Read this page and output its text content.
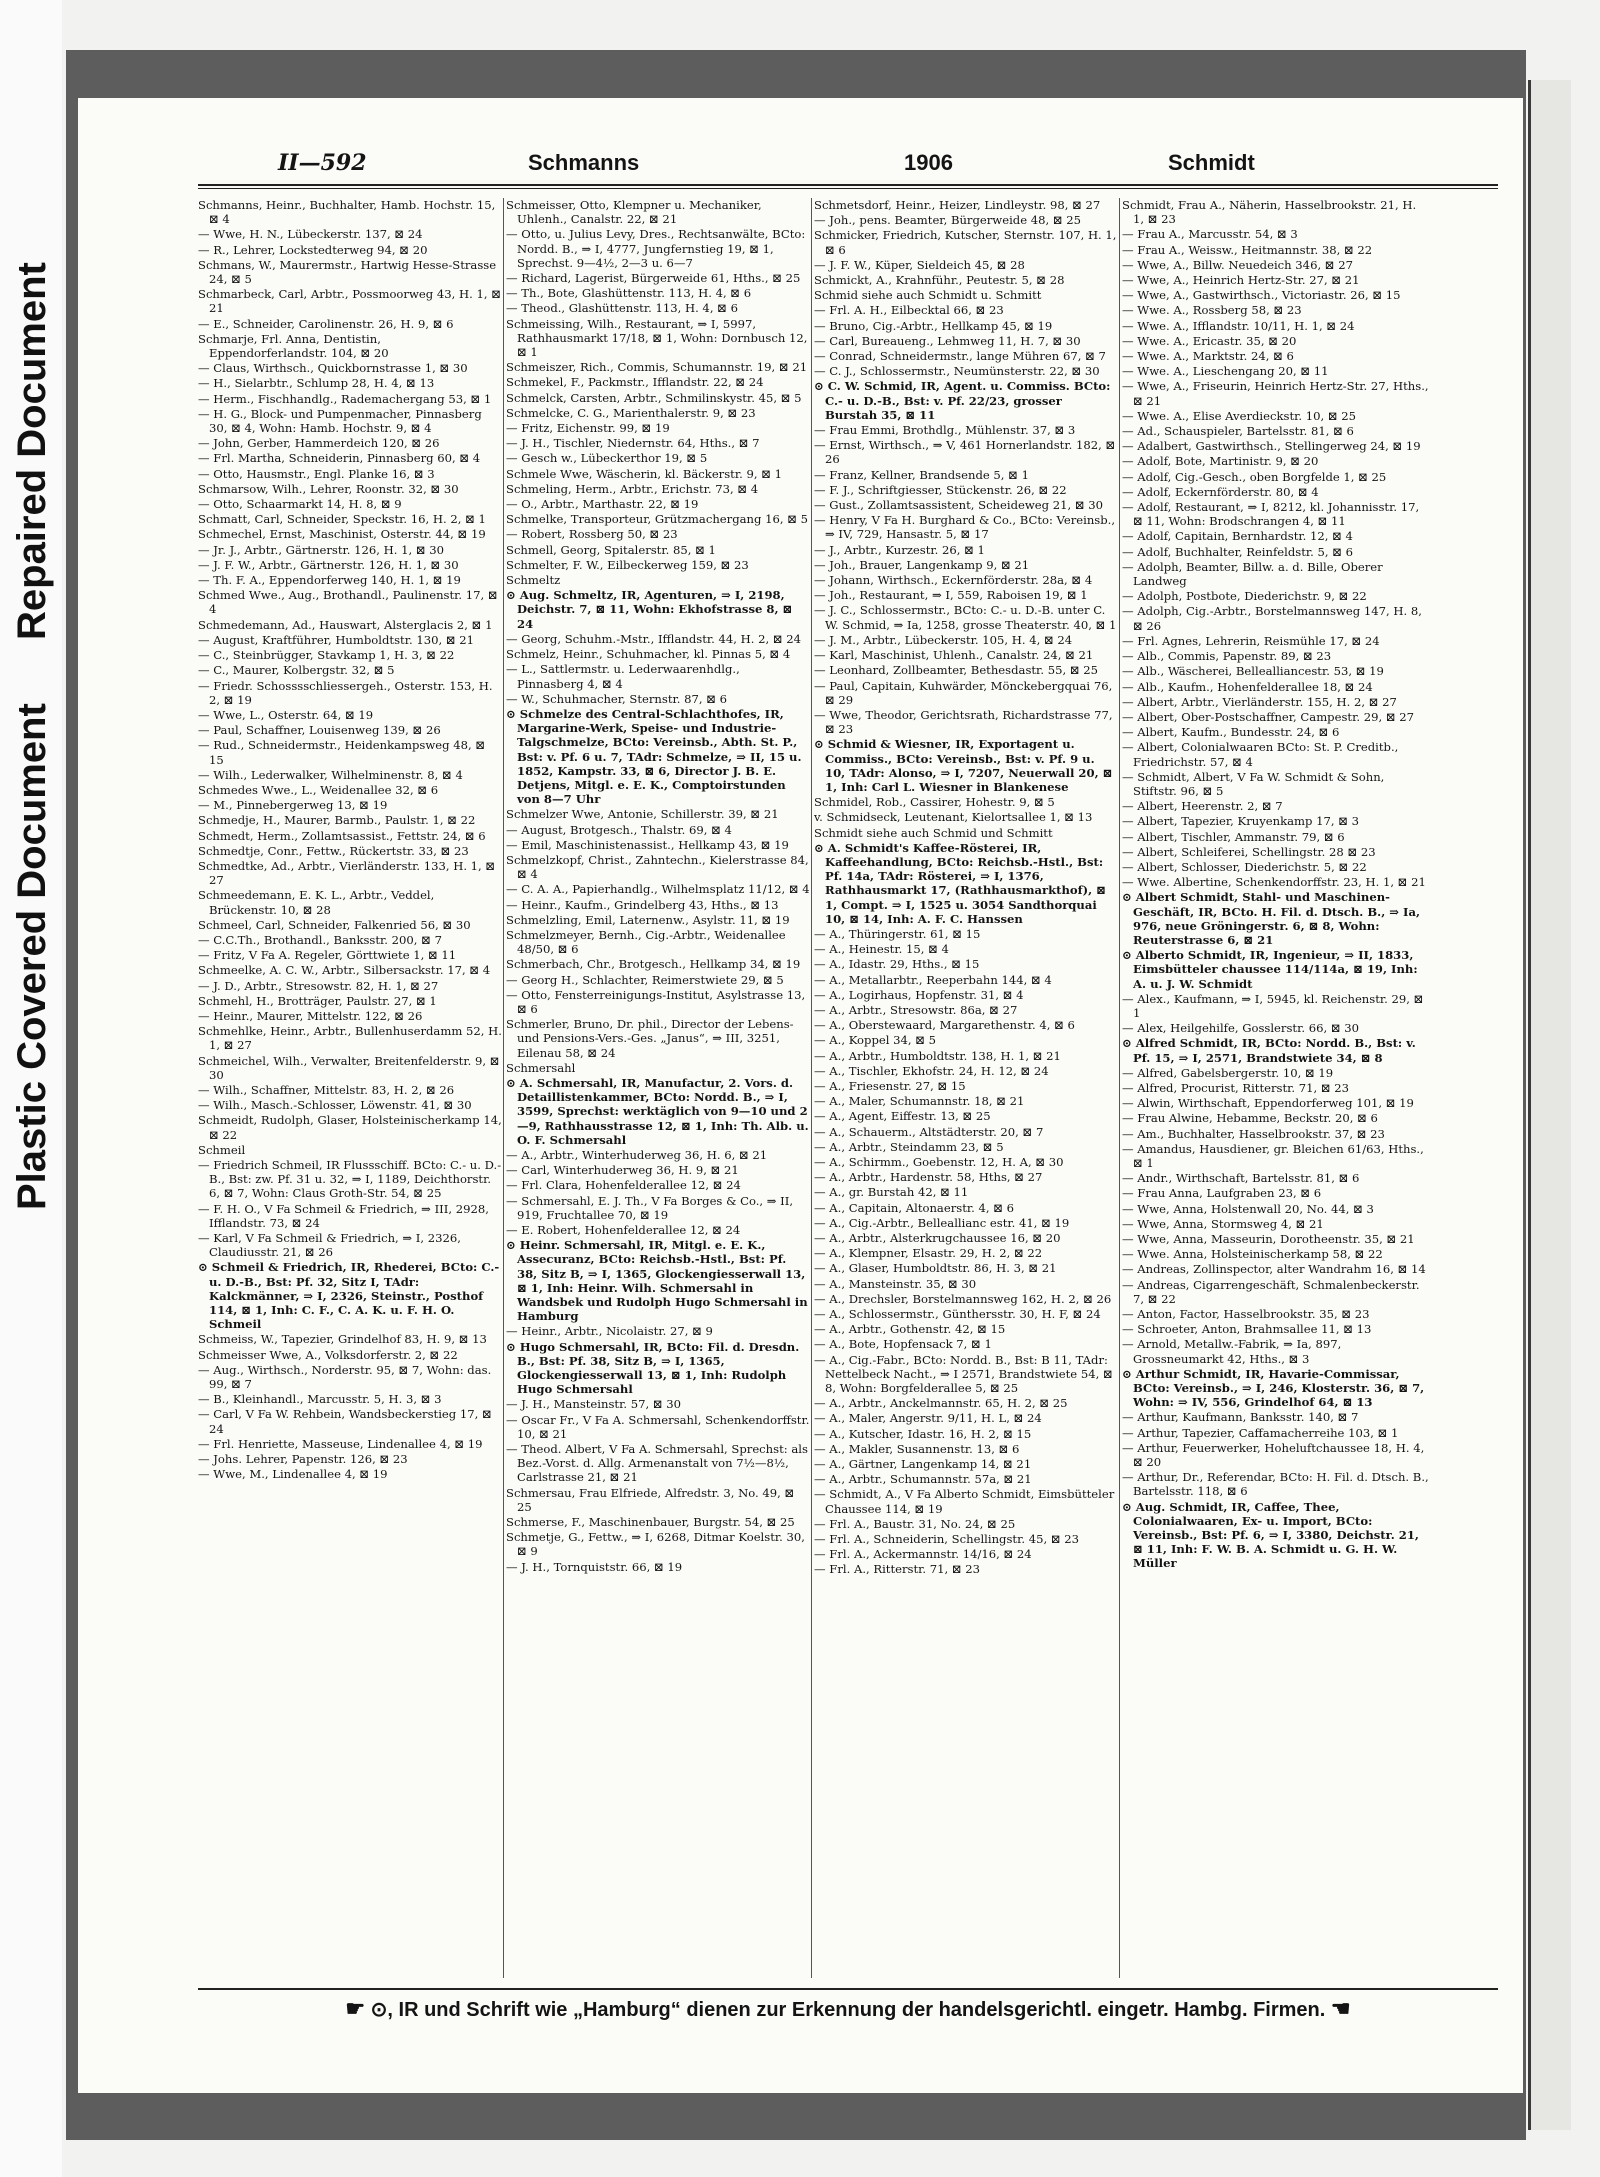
Repaired Document
Plastic Covered Document
II—592	Schmanns	1906	Schmidt
Schmanns, Heinr., Buchhalter, Hamb. Hochstr. 15, ⊠ 4
— Wwe, H. N., Lübeckerstr. 137, ⊠ 24
— R., Lehrer, Lockstedterweg 94, ⊠ 20
Schmans, W., Maurermstr., Hartwig Hesse-Strasse 24, ⊠ 5
Schmarbeck, Carl, Arbtr., Possmoorweg 43, H. 1, ⊠ 21
— E., Schneider, Carolinenstr. 26, H. 9, ⊠ 6
Schmarje, Frl. Anna, Dentistin, Eppendorferlandstr. 104, ⊠ 20
— Claus, Wirthsch., Quickbornstrasse 1, ⊠ 30
— H., Sielarbtr., Schlump 28, H. 4, ⊠ 13
— Herm., Fischhandlg., Rademachergang 53, ⊠ 1
— H. G., Block- und Pumpenmacher, Pinnasberg 30, ⊠ 4, Wohn: Hamb. Hochstr. 9, ⊠ 4
— John, Gerber, Hammerdeich 120, ⊠ 26
— Frl. Martha, Schneiderin, Pinnasberg 60, ⊠ 4
— Otto, Hausmstr., Engl. Planke 16, ⊠ 3
Schmarsow, Wilh., Lehrer, Roonstr. 32, ⊠ 30
— Otto, Schaarmarkt 14, H. 8, ⊠ 9
Schmatt, Carl, Schneider, Speckstr. 16, H. 2, ⊠ 1
Schmechel, Ernst, Maschinist, Osterstr. 44, ⊠ 19
— Jr. J., Arbtr., Gärtnerstr. 126, H. 1, ⊠ 30
— J. F. W., Arbtr., Gärtnerstr. 126, H. 1, ⊠ 30
— Th. F. A., Eppendorferweg 140, H. 1, ⊠ 19
Schmed Wwe., Aug., Brothandl., Paulinenstr. 17, ⊠ 4
Schmedemann, Ad., Hauswart, Alsterglacis 2, ⊠ 1
— August, Kraftführer, Humboldtstr. 130, ⊠ 21
— C., Steinbrügger, Stavkamp 1, H. 3, ⊠ 22
— C., Maurer, Kolbergstr. 32, ⊠ 5
— Friedr. Schosssschliessergeh., Osterstr. 153, H. 2, ⊠ 19
— Wwe, L., Osterstr. 64, ⊠ 19
— Paul, Schaffner, Louisenweg 139, ⊠ 26
— Rud., Schneidermstr., Heidenkampsweg 48, ⊠ 15
— Wilh., Lederwalker, Wilhelminenstr. 8, ⊠ 4
Schmedes Wwe., L., Weidenallee 32, ⊠ 6
— M., Pinnebergerweg 13, ⊠ 19
Schmedje, H., Maurer, Barmb., Paulstr. 1, ⊠ 22
Schmedt, Herm., Zollamtsassist., Fettstr. 24, ⊠ 6
Schmedtje, Conr., Fettw., Rückertstr. 33, ⊠ 23
Schmedtke, Ad., Arbtr., Vierländerstr. 133, H. 1, ⊠ 27
Schmeedemann, E. K. L., Arbtr., Veddel, Brückenstr. 10, ⊠ 28
Schmeel, Carl, Schneider, Falkenried 56, ⊠ 30
— C.C.Th., Brothandl., Banksstr. 200, ⊠ 7
— Fritz, V Fa A. Regeler, Görttwiete 1, ⊠ 11
Schmeelke, A. C. W., Arbtr., Silbersackstr. 17, ⊠ 4
— J. D., Arbtr., Stresowstr. 82, H. 1, ⊠ 27
Schmehl, H., Brotträger, Paulstr. 27, ⊠ 1
— Heinr., Maurer, Mittelstr. 122, ⊠ 26
Schmehlke, Heinr., Arbtr., Bullenhuserdamm 52, H. 1, ⊠ 27
Schmeichel, Wilh., Verwalter, Breitenfelderstr. 9, ⊠ 30
— Wilh., Schaffner, Mittelstr. 83, H. 2, ⊠ 26
— Wilh., Masch.-Schlosser, Löwenstr. 41, ⊠ 30
Schmeidt, Rudolph, Glaser, Holsteinischerkamp 14, ⊠ 22
Schmeil
— Friedrich Schmeil, IR Flussschiff. BCto: C.- u. D.-B., Bst: zw. Pf. 31 u. 32, ⇒ I, 1189, Deichthorstr. 6, ⊠ 7, Wohn: Claus Groth-Str. 54, ⊠ 25
— F. H. O., V Fa Schmeil & Friedrich, ⇒ III, 2928, Ifflandstr. 73, ⊠ 24
— Karl, V Fa Schmeil & Friedrich, ⇒ I, 2326, Claudiusstr. 21, ⊠ 26
⊙ Schmeil & Friedrich, IR, Rhederei, BCto: C.- u. D.-B., Bst: Pf. 32, Sitz I, TAdr: Kalckmänner, ⇒ I, 2326, Steinstr., Posthof 114, ⊠ 1, Inh: C. F., C. A. K. u. F. H. O. Schmeil
Schmeiss, W., Tapezier, Grindelhof 83, H. 9, ⊠ 13
Schmeisser Wwe, A., Volksdorferstr. 2, ⊠ 22
— Aug., Wirthsch., Norderstr. 95, ⊠ 7, Wohn: das. 99, ⊠ 7
— B., Kleinhandl., Marcusstr. 5, H. 3, ⊠ 3
— Carl, V Fa W. Rehbein, Wandsbeckerstieg 17, ⊠ 24
— Frl. Henriette, Masseuse, Lindenallee 4, ⊠ 19
— Johs. Lehrer, Papenstr. 126, ⊠ 23
— Wwe, M., Lindenallee 4, ⊠ 19
Schmeisser, Otto, Klempner u. Mechaniker, Uhlenh., Canalstr. 22, ⊠ 21
— Otto, u. Julius Levy, Dres., Rechtsanwälte, BCto: Nordd. B., ⇒ I, 4777, Jungfernstieg 19, ⊠ 1, Sprechst. 9—4½, 2—3 u. 6—7
— Richard, Lagerist, Bürgerweide 61, Hths., ⊠ 25
— Th., Bote, Glashüttenstr. 113, H. 4, ⊠ 6
— Theod., Glashüttenstr. 113, H. 4, ⊠ 6
Schmeissing, Wilh., Restaurant, ⇒ I, 5997, Rathhausmarkt 17/18, ⊠ 1, Wohn: Dornbusch 12, ⊠ 1
Schmeiszer, Rich., Commis, Schumannstr. 19, ⊠ 21
Schmekel, F., Packmstr., Ifflandstr. 22, ⊠ 24
Schmelck, Carsten, Arbtr., Schmilinskystr. 45, ⊠ 5
Schmelcke, C. G., Marienthalerstr. 9, ⊠ 23
— Fritz, Eichenstr. 99, ⊠ 19
— J. H., Tischler, Niedernstr. 64, Hths., ⊠ 7
— Gesch w., Lübeckerthor 19, ⊠ 5
Schmele Wwe, Wäscherin, kl. Bäckerstr. 9, ⊠ 1
Schmeling, Herm., Arbtr., Erichstr. 73, ⊠ 4
— O., Arbtr., Marthastr. 22, ⊠ 19
Schmelke, Transporteur, Grützmachergang 16, ⊠ 5
— Robert, Rossberg 50, ⊠ 23
Schmell, Georg, Spitalerstr. 85, ⊠ 1
Schmelter, F. W., Eilbeckerweg 159, ⊠ 23
Schmeltz
⊙ Aug. Schmeltz, IR, Agenturen, ⇒ I, 2198, Deichstr. 7, ⊠ 11, Wohn: Ekhofstrasse 8, ⊠ 24
— Georg, Schuhm.-Mstr., Ifflandstr. 44, H. 2, ⊠ 24
Schmelz, Heinr., Schuhmacher, kl. Pinnas 5, ⊠ 4
— L., Sattlermstr. u. Lederwaarenhdlg., Pinnasberg 4, ⊠ 4
— W., Schuhmacher, Sternstr. 87, ⊠ 6
⊙ Schmelze des Central-Schlachthofes, IR, Margarine-Werk, Speise- und Industrie-Talgschmelze, BCto: Vereinsb., Abth. St. P., Bst: v. Pf. 6 u. 7, TAdr: Schmelze, ⇒ II, 15 u. 1852, Kampstr. 33, ⊠ 6, Director J. B. E. Detjens, Mitgl. e. E. K., Comptoirstunden von 8—7 Uhr
Schmelzer Wwe, Antonie, Schillerstr. 39, ⊠ 21
— August, Brotgesch., Thalstr. 69, ⊠ 4
— Emil, Maschinistenassist., Hellkamp 43, ⊠ 19
Schmelzkopf, Christ., Zahntechn., Kielerstrasse 84, ⊠ 4
— C. A. A., Papierhandlg., Wilhelmsplatz 11/12, ⊠ 4
— Heinr., Kaufm., Grindelberg 43, Hths., ⊠ 13
Schmelzling, Emil, Laternenw., Asylstr. 11, ⊠ 19
Schmelzmeyer, Bernh., Cig.-Arbtr., Weidenallee 48/50, ⊠ 6
Schmerbach, Chr., Brotgesch., Hellkamp 34, ⊠ 19
— Georg H., Schlachter, Reimerstwiete 29, ⊠ 5
— Otto, Fensterreinigungs-Institut, Asylstrasse 13, ⊠ 6
Schmerler, Bruno, Dr. phil., Director der Lebens- und Pensions-Vers.-Ges. „Janus“, ⇒ III, 3251, Eilenau 58, ⊠ 24
Schmersahl
⊙ A. Schmersahl, IR, Manufactur, 2. Vors. d. Detaillistenkammer, BCto: Nordd. B., ⇒ I, 3599, Sprechst: werktäglich von 9—10 und 2—9, Rathhausstrasse 12, ⊠ 1, Inh: Th. Alb. u. O. F. Schmersahl
— A., Arbtr., Winterhuderweg 36, H. 6, ⊠ 21
— Carl, Winterhuderweg 36, H. 9, ⊠ 21
— Frl. Clara, Hohenfelderallee 12, ⊠ 24
— Schmersahl, E. J. Th., V Fa Borges & Co., ⇒ II, 919, Fruchtallee 70, ⊠ 19
— E. Robert, Hohenfelderallee 12, ⊠ 24
⊙ Heinr. Schmersahl, IR, Mitgl. e. E. K., Assecuranz, BCto: Reichsb.-Hstl., Bst: Pf. 38, Sitz B, ⇒ I, 1365, Glockengiesserwall 13, ⊠ 1, Inh: Heinr. Wilh. Schmersahl in Wandsbek und Rudolph Hugo Schmersahl in Hamburg
— Heinr., Arbtr., Nicolaistr. 27, ⊠ 9
⊙ Hugo Schmersahl, IR, BCto: Fil. d. Dresdn. B., Bst: Pf. 38, Sitz B, ⇒ I, 1365, Glockengiesserwall 13, ⊠ 1, Inh: Rudolph Hugo Schmersahl
— J. H., Mansteinstr. 57, ⊠ 30
— Oscar Fr., V Fa A. Schmersahl, Schenkendorffstr. 10, ⊠ 21
— Theod. Albert, V Fa A. Schmersahl, Sprechst: als Bez.-Vorst. d. Allg. Armenanstalt von 7½—8½, Carlstrasse 21, ⊠ 21
Schmersau, Frau Elfriede, Alfredstr. 3, No. 49, ⊠ 25
Schmerse, F., Maschinenbauer, Burgstr. 54, ⊠ 25
Schmetje, G., Fettw., ⇒ I, 6268, Ditmar Koelstr. 30, ⊠ 9
— J. H., Tornquiststr. 66, ⊠ 19
Schmetsdorf, Heinr., Heizer, Lindleystr. 98, ⊠ 27
— Joh., pens. Beamter, Bürgerweide 48, ⊠ 25
Schmicker, Friedrich, Kutscher, Sternstr. 107, H. 1, ⊠ 6
— J. F. W., Küper, Sieldeich 45, ⊠ 28
Schmickt, A., Krahnführ., Peutestr. 5, ⊠ 28
Schmid siehe auch Schmidt u. Schmitt
— Frl. A. H., Eilbecktal 66, ⊠ 23
— Bruno, Cig.-Arbtr., Hellkamp 45, ⊠ 19
— Carl, Bureaueng., Lehmweg 11, H. 7, ⊠ 30
— Conrad, Schneidermstr., lange Mühren 67, ⊠ 7
— C. J., Schlossermstr., Neumünsterstr. 22, ⊠ 30
⊙ C. W. Schmid, IR, Agent. u. Commiss. BCto: C.- u. D.-B., Bst: v. Pf. 22/23, grosser Burstah 35, ⊠ 11
— Frau Emmi, Brothdlg., Mühlenstr. 37, ⊠ 3
— Ernst, Wirthsch., ⇒ V, 461 Hornerlandstr. 182, ⊠ 26
— Franz, Kellner, Brandsende 5, ⊠ 1
— F. J., Schriftgiesser, Stückenstr. 26, ⊠ 22
— Gust., Zollamtsassistent, Scheideweg 21, ⊠ 30
— Henry, V Fa H. Burghard & Co., BCto: Vereinsb., ⇒ IV, 729, Hansastr. 5, ⊠ 17
— J., Arbtr., Kurzestr. 26, ⊠ 1
— Joh., Brauer, Langenkamp 9, ⊠ 21
— Johann, Wirthsch., Eckernförderstr. 28a, ⊠ 4
— Joh., Restaurant, ⇒ I, 559, Raboisen 19, ⊠ 1
— J. C., Schlossermstr., BCto: C.- u. D.-B. unter C. W. Schmid, ⇒ Ia, 1258, grosse Theaterstr. 40, ⊠ 1
— J. M., Arbtr., Lübeckerstr. 105, H. 4, ⊠ 24
— Karl, Maschinist, Uhlenh., Canalstr. 24, ⊠ 21
— Leonhard, Zollbeamter, Bethesdastr. 55, ⊠ 25
— Paul, Capitain, Kuhwärder, Mönckebergquai 76, ⊠ 29
— Wwe, Theodor, Gerichtsrath, Richardstrasse 77, ⊠ 23
⊙ Schmid & Wiesner, IR, Exportagent u. Commiss., BCto: Vereinsb., Bst: v. Pf. 9 u. 10, TAdr: Alonso, ⇒ I, 7207, Neuerwall 20, ⊠ 1, Inh: Carl L. Wiesner in Blankenese
Schmidel, Rob., Cassirer, Hohestr. 9, ⊠ 5
v. Schmidseck, Leutenant, Kielortsallee 1, ⊠ 13
Schmidt siehe auch Schmid und Schmitt
⊙ A. Schmidt's Kaffee-Rösterei, IR, Kaffeehandlung, BCto: Reichsb.-Hstl., Bst: Pf. 14a, TAdr: Rösterei, ⇒ I, 1376, Rathhausmarkt 17, (Rathhausmarkthof), ⊠ 1, Compt. ⇒ I, 1525 u. 3054 Sandthorquai 10, ⊠ 14, Inh: A. F. C. Hanssen
— A., Thüringerstr. 61, ⊠ 15
— A., Heinestr. 15, ⊠ 4
— A., Idastr. 29, Hths., ⊠ 15
— A., Metallarbtr., Reeperbahn 144, ⊠ 4
— A., Logirhaus, Hopfenstr. 31, ⊠ 4
— A., Arbtr., Stresowstr. 86a, ⊠ 27
— A., Oberstewaard, Margarethenstr. 4, ⊠ 6
— A., Koppel 34, ⊠ 5
— A., Arbtr., Humboldtstr. 138, H. 1, ⊠ 21
— A., Tischler, Ekhofstr. 24, H. 12, ⊠ 24
— A., Friesenstr. 27, ⊠ 15
— A., Maler, Schumannstr. 18, ⊠ 21
— A., Agent, Eiffestr. 13, ⊠ 25
— A., Schauerm., Altstädterstr. 20, ⊠ 7
— A., Arbtr., Steindamm 23, ⊠ 5
— A., Schirmm., Goebenstr. 12, H. A, ⊠ 30
— A., Arbtr., Hardenstr. 58, Hths, ⊠ 27
— A., gr. Burstah 42, ⊠ 11
— A., Capitain, Altonaerstr. 4, ⊠ 6
— A., Cig.-Arbtr., Belleallianc estr. 41, ⊠ 19
— A., Arbtr., Alsterkrugchaussee 16, ⊠ 20
— A., Klempner, Elsastr. 29, H. 2, ⊠ 22
— A., Glaser, Humboldtstr. 86, H. 3, ⊠ 21
— A., Mansteinstr. 35, ⊠ 30
— A., Drechsler, Borstelmannsweg 162, H. 2, ⊠ 26
— A., Schlossermstr., Günthersstr. 30, H. F, ⊠ 24
— A., Arbtr., Gothenstr. 42, ⊠ 15
— A., Bote, Hopfensack 7, ⊠ 1
— A., Cig.-Fabr., BCto: Nordd. B., Bst: B 11, TAdr: Nettelbeck Nacht., ⇒ I 2571, Brandstwiete 54, ⊠ 8, Wohn: Borgfelderallee 5, ⊠ 25
— A., Arbtr., Anckelmannstr. 65, H. 2, ⊠ 25
— A., Maler, Angerstr. 9/11, H. L, ⊠ 24
— A., Kutscher, Idastr. 16, H. 2, ⊠ 15
— A., Makler, Susannenstr. 13, ⊠ 6
— A., Gärtner, Langenkamp 14, ⊠ 21
— A., Arbtr., Schumannstr. 57a, ⊠ 21
— Schmidt, A., V Fa Alberto Schmidt, Eimsbütteler Chaussee 114, ⊠ 19
— Frl. A., Baustr. 31, No. 24, ⊠ 25
— Frl. A., Schneiderin, Schellingstr. 45, ⊠ 23
— Frl. A., Ackermannstr. 14/16, ⊠ 24
— Frl. A., Ritterstr. 71, ⊠ 23
Schmidt, Frau A., Näherin, Hasselbrookstr. 21, H. 1, ⊠ 23
— Frau A., Marcusstr. 54, ⊠ 3
— Frau A., Weissw., Heitmannstr. 38, ⊠ 22
— Wwe, A., Billw. Neuedeich 346, ⊠ 27
— Wwe, A., Heinrich Hertz-Str. 27, ⊠ 21
— Wwe, A., Gastwirthsch., Victoriastr. 26, ⊠ 15
— Wwe. A., Rossberg 58, ⊠ 23
— Wwe. A., Ifflandstr. 10/11, H. 1, ⊠ 24
— Wwe. A., Ericastr. 35, ⊠ 20
— Wwe. A., Marktstr. 24, ⊠ 6
— Wwe. A., Lieschengang 20, ⊠ 11
— Wwe, A., Friseurin, Heinrich Hertz-Str. 27, Hths., ⊠ 21
— Wwe. A., Elise Averdieckstr. 10, ⊠ 25
— Ad., Schauspieler, Bartelsstr. 81, ⊠ 6
— Adalbert, Gastwirthsch., Stellingerweg 24, ⊠ 19
— Adolf, Bote, Martinistr. 9, ⊠ 20
— Adolf, Cig.-Gesch., oben Borgfelde 1, ⊠ 25
— Adolf, Eckernförderstr. 80, ⊠ 4
— Adolf, Restaurant, ⇒ I, 8212, kl. Johannisstr. 17, ⊠ 11, Wohn: Brodschrangen 4, ⊠ 11
— Adolf, Capitain, Bernhardstr. 12, ⊠ 4
— Adolf, Buchhalter, Reinfeldstr. 5, ⊠ 6
— Adolph, Beamter, Billw. a. d. Bille, Oberer Landweg
— Adolph, Postbote, Diederichstr. 9, ⊠ 22
— Adolph, Cig.-Arbtr., Borstelmannsweg 147, H. 8, ⊠ 26
— Frl. Agnes, Lehrerin, Reismühle 17, ⊠ 24
— Alb., Commis, Papenstr. 89, ⊠ 23
— Alb., Wäscherei, Bellealliancestr. 53, ⊠ 19
— Alb., Kaufm., Hohenfelderallee 18, ⊠ 24
— Albert, Arbtr., Vierländerstr. 155, H. 2, ⊠ 27
— Albert, Ober-Postschaffner, Campestr. 29, ⊠ 27
— Albert, Kaufm., Bundesstr. 24, ⊠ 6
— Albert, Colonialwaaren BCto: St. P. Creditb., Friedrichstr. 57, ⊠ 4
— Schmidt, Albert, V Fa W. Schmidt & Sohn, Stiftstr. 96, ⊠ 5
— Albert, Heerenstr. 2, ⊠ 7
— Albert, Tapezier, Kruyenkamp 17, ⊠ 3
— Albert, Tischler, Ammanstr. 79, ⊠ 6
— Albert, Schleiferei, Schellingstr. 28 ⊠ 23
— Albert, Schlosser, Diederichstr. 5, ⊠ 22
— Wwe. Albertine, Schenkendorffstr. 23, H. 1, ⊠ 21
⊙ Albert Schmidt, Stahl- und Maschinen-Geschäft, IR, BCto. H. Fil. d. Dtsch. B., ⇒ Ia, 976, neue Gröningerstr. 6, ⊠ 8, Wohn: Reuterstrasse 6, ⊠ 21
⊙ Alberto Schmidt, IR, Ingenieur, ⇒ II, 1833, Eimsbütteler chaussee 114/114a, ⊠ 19, Inh: A. u. J. W. Schmidt
— Alex., Kaufmann, ⇒ I, 5945, kl. Reichenstr. 29, ⊠ 1
— Alex, Heilgehilfe, Gosslerstr. 66, ⊠ 30
⊙ Alfred Schmidt, IR, BCto: Nordd. B., Bst: v. Pf. 15, ⇒ I, 2571, Brandstwiete 34, ⊠ 8
— Alfred, Gabelsbergerstr. 10, ⊠ 19
— Alfred, Procurist, Ritterstr. 71, ⊠ 23
— Alwin, Wirthschaft, Eppendorferweg 101, ⊠ 19
— Frau Alwine, Hebamme, Beckstr. 20, ⊠ 6
— Am., Buchhalter, Hasselbrookstr. 37, ⊠ 23
— Amandus, Hausdiener, gr. Bleichen 61/63, Hths., ⊠ 1
— Andr., Wirthschaft, Bartelsstr. 81, ⊠ 6
— Frau Anna, Laufgraben 23, ⊠ 6
— Wwe, Anna, Holstenwall 20, No. 44, ⊠ 3
— Wwe, Anna, Stormsweg 4, ⊠ 21
— Wwe, Anna, Masseurin, Dorotheenstr. 35, ⊠ 21
— Wwe. Anna, Holsteinischerkamp 58, ⊠ 22
— Andreas, Zollinspector, alter Wandrahm 16, ⊠ 14
— Andreas, Cigarrengeschäft, Schmalenbeckerstr. 7, ⊠ 22
— Anton, Factor, Hasselbrookstr. 35, ⊠ 23
— Schroeter, Anton, Brahmsallee 11, ⊠ 13
— Arnold, Metallw.-Fabrik, ⇒ Ia, 897, Grossneumarkt 42, Hths., ⊠ 3
⊙ Arthur Schmidt, IR, Havarie-Commissar, BCto: Vereinsb., ⇒ I, 246, Klosterstr. 36, ⊠ 7, Wohn: ⇒ IV, 556, Grindelhof 64, ⊠ 13
— Arthur, Kaufmann, Banksstr. 140, ⊠ 7
— Arthur, Tapezier, Caffamacherreihe 103, ⊠ 1
— Arthur, Feuerwerker, Hoheluftchaussee 18, H. 4, ⊠ 20
— Arthur, Dr., Referendar, BCto: H. Fil. d. Dtsch. B., Bartelsstr. 118, ⊠ 6
⊙ Aug. Schmidt, IR, Caffee, Thee, Colonialwaaren, Ex- u. Import, BCto: Vereinsb., Bst: Pf. 6, ⇒ I, 3380, Deichstr. 21, ⊠ 11, Inh: F. W. B. A. Schmidt u. G. H. W. Müller
☛ ⊙, IR und Schrift wie „Hamburg“ dienen zur Erkennung der handelsgerichtl. eingetr. Hambg. Firmen. ☚
